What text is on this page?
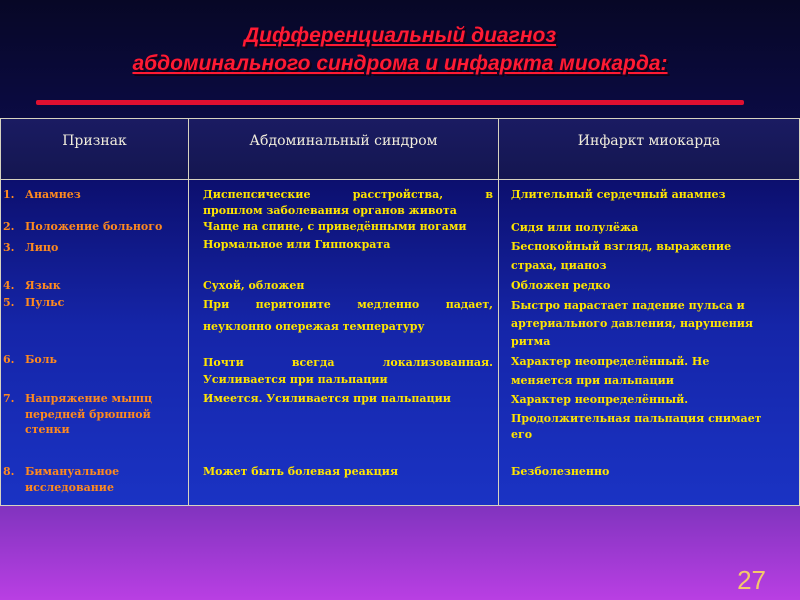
Дифференциальный диагноз
абдоминального синдрома и инфаркта миокарда:
Признак	Абдоминальный синдром	Инфаркт миокарда
1. Анамнез
2. Положение больного
3. Лицо
4. Язык
5. Пульс
6. Боль
7. Напряжение мышц передней брюшной стенки
8. Бимануальное исследование
Диспепсические расстройства, в
прошлом заболевания органов живота
Чаще на спине, с приведёнными ногами
Нормальное или Гиппократа
Сухой, обложен
При перитоните медленно падает,
неуклонно опережая температуру
Почти всегда локализованная.
Усиливается при пальпации
Имеется. Усиливается при пальпации
Может быть болевая реакция
Длительный сердечный анамнез
Сидя или полулёжа
Беспокойный взгляд, выражение
страха, цианоз
Обложен редко
Быстро нарастает падение пульса и
артериального давления, нарушения
ритма
Характер неопределённый. Не
меняется при пальпации
Характер неопределённый.
Продолжительная пальпация снимает
его
Безболезненно
27
